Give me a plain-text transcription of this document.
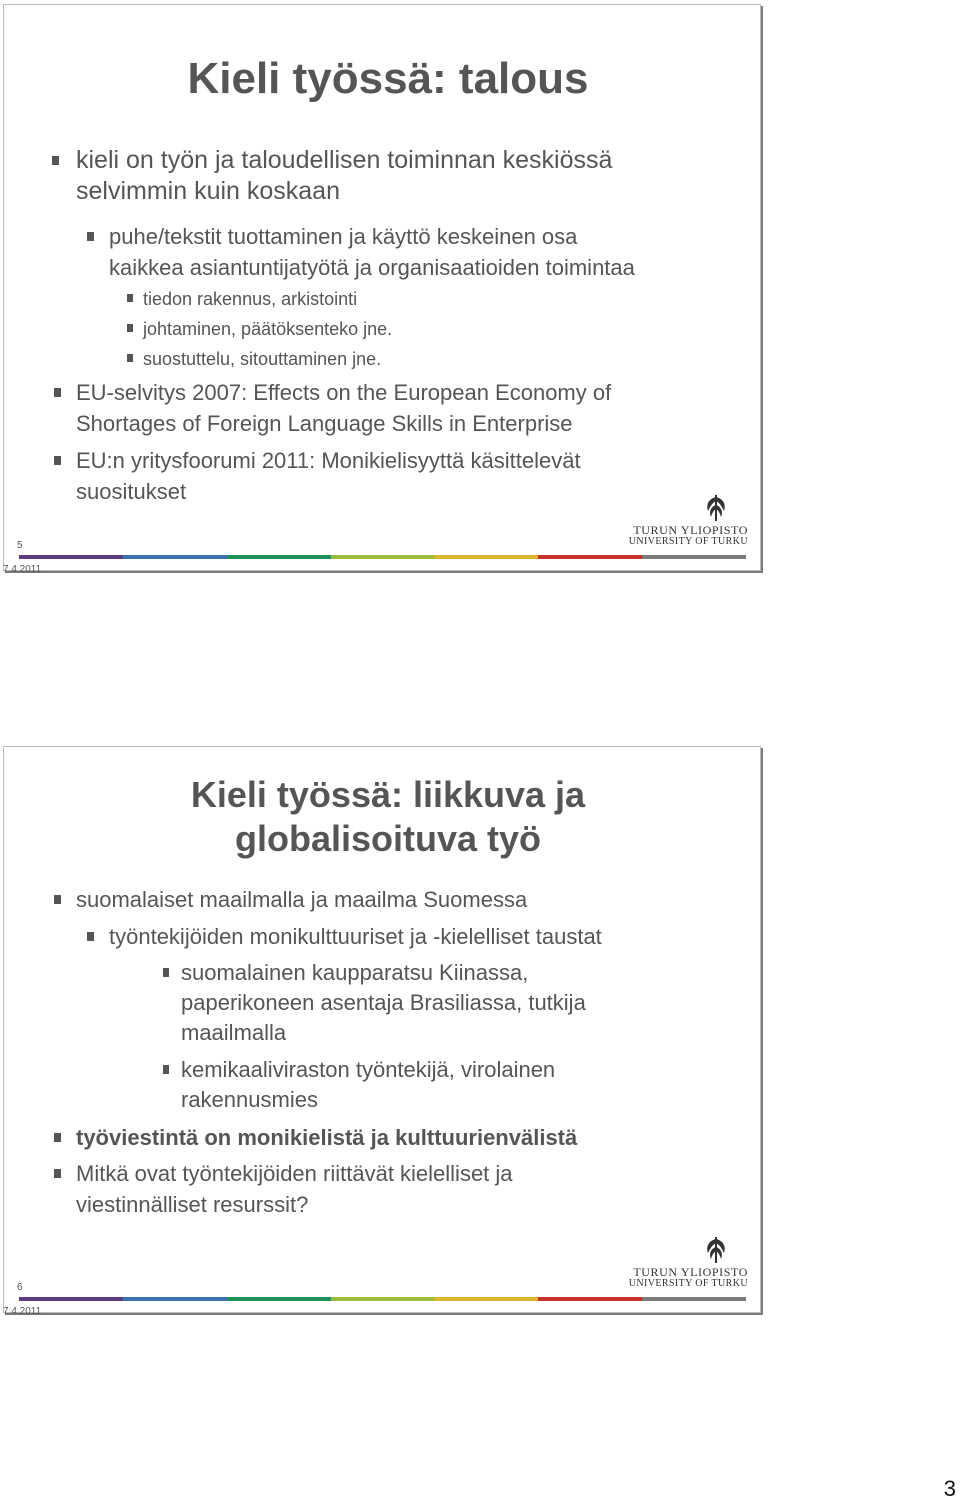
Kieli työssä: talous
kieli on työn ja taloudellisen toiminnan keskiössä
selvimmin kuin koskaan
puhe/tekstit tuottaminen ja käyttö keskeinen osa
kaikkea asiantuntijatyötä ja organisaatioiden toimintaa
tiedon rakennus, arkistointi
johtaminen, päätöksenteko jne.
suostuttelu, sitouttaminen jne.
EU-selvitys 2007: Effects on the European Economy of
Shortages of Foreign Language Skills in Enterprise
EU:n yritysfoorumi 2011: Monikielisyyttä käsittelevät
suositukset
5
TURUN YLIOPISTO
UNIVERSITY OF TURKU
7.4.2011
Kieli työssä: liikkuva ja
globalisoituva työ
suomalaiset maailmalla ja maailma Suomessa
työntekijöiden monikulttuuriset ja -kielelliset taustat
suomalainen kaupparatsu Kiinassa,
paperikoneen asentaja Brasiliassa, tutkija
maailmalla
kemikaaliviraston työntekijä, virolainen
rakennusmies
työviestintä on monikielistä ja kulttuurienvälistä
Mitkä ovat työntekijöiden riittävät kielelliset ja
viestinnälliset resurssit?
6
TURUN YLIOPISTO
UNIVERSITY OF TURKU
7.4.2011
3
